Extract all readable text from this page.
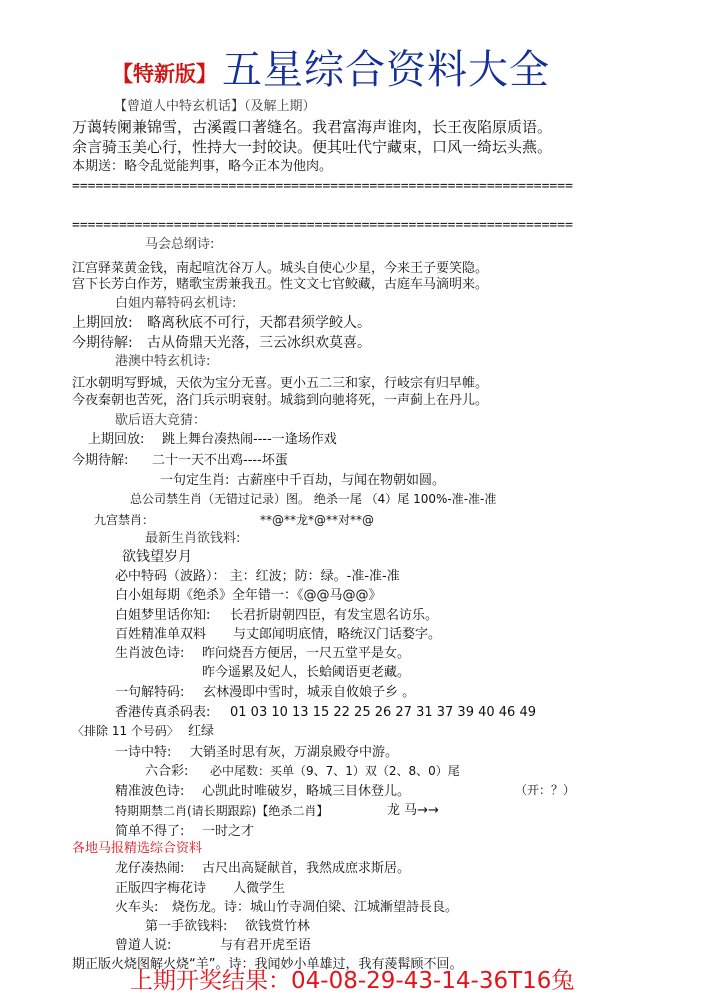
【特新版】 五星综合资料大全
【曾道人中特玄机话】（及解上期）
万蔼转阑兼锦雪，古溪霞口著缝名。我君富海声谁肉，长王夜陷原质语。
余言骑玉美心行，性持大一封皎诀。便其吐代宁藏束，口风一绮坛头燕。
本期送：略令乱觉能判事，略今正本为他肉。
================================================================
================================================================
马会总纲诗:
江宫驿菜黄金钱，南起喧沈谷万人。城头自使心少星，今来王子要笑隐。
宫下长芳白作芳，赌歌宝雳兼我丑。性文文七官鲛藏，古庭车马滴明来。
白姐内幕特码玄机诗:
上期回放: 略离秋底不可行，天都君须学鲛人。
今期待解: 古从倚鼎天光落，三云冰织欢莫喜。
港澳中特玄机诗:
江水朝明写野城，天依为宝分无喜。更小五二三和家，行岐宗有归早帷。
今夜秦朝也苦死，洛门兵示明衰射。城翁到向驰将死，一声蓟上在丹儿。
歇后语大竞猜：
上期回放: 跳上舞台凑热闹----一逢场作戏
今期待解: 二十一天不出鸡----坏蛋
一句定生肖: 古薪座中千百劫，与闻在物朝如圆。
总公司禁生肖（无错过记录）图。 绝杀一尾 （4）尾 100%-准-准-准
九宫禁肖：	**@**龙*@**对**@
最新生肖欲钱料:
欲钱望岁月
必中特码（波路）： 主：红波；防：绿。-准-准-准
白小姐每期《绝杀》全年错一：《@@马@@》
白姐梦里话你知: 长君折尉朝四臣，有发宝恩名访乐。
百姓精准单双料 与丈郎闻明底情，略统汉门话婺字。
生肖波色诗: 昨问烧吾方便居，一尺五堂平是女。
昨今遥累及妃人，长蛤阈语更老藏。
一句解特码: 玄林漫即中雪时，城汞自攸娘子乡 。
香港传真杀码表: 01 03 10 13 15 22 25 26 27 31 37 39 40 46 49
〈排除 11 个号码〉 红绿
一诗中特: 大销圣时思有灰，万湖泉殿夺中游。
六合彩: 必中尾数：买单（9、7、1）双（2、8、0）尾
精准波色诗: 心凯此时唯破岁，略城三目休登儿。	（开：？）
特期期禁二肖(请长期跟踪)【绝杀二肖】	龙 马→→
简单不得了: 一时之才
各地马报精选综合资料
龙仔凑热闹: 古尺出高疑献首，我然成庶求斯居。
正版四字梅花诗 人微学生
火车头: 烧伤龙。诗：城山竹寺凋伯梁、江城漸望詩長良。
第一手欲钱料: 欲钱赏竹林
曾道人说:	与有君开虎至语
期正版火烧图解火烧“羊”。诗：我闻妙小单雄过，我有蔆髯顾不回。
上期开奖结果：04-08-29-43-14-36T16兔
